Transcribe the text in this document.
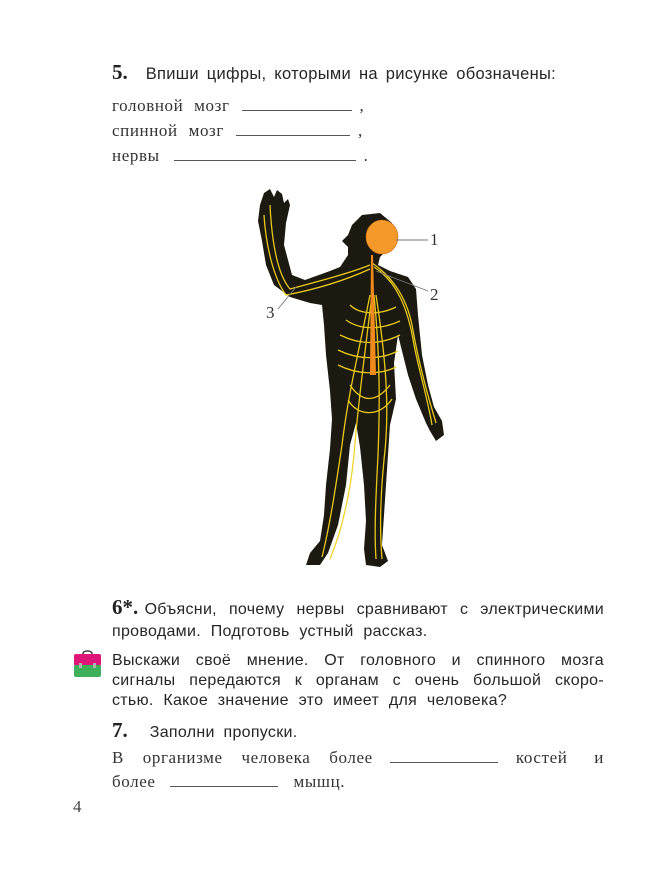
5. Впиши цифры, которыми на рисунке обозначены:
головной мозг	,
спинной мозг	,
нервы	.
1
2
3
6*. Объясни, почему нервы сравнивают с электрическими
проводами. Подготовь устный рассказ.
Выскажи своё мнение. От головного и спинного мозга
сигналы передаются к органам с очень большой скоро-
стью. Какое значение это имеет для человека?
7. Заполни пропуски.
В организме человека более	костей и
более	мышц.
4
